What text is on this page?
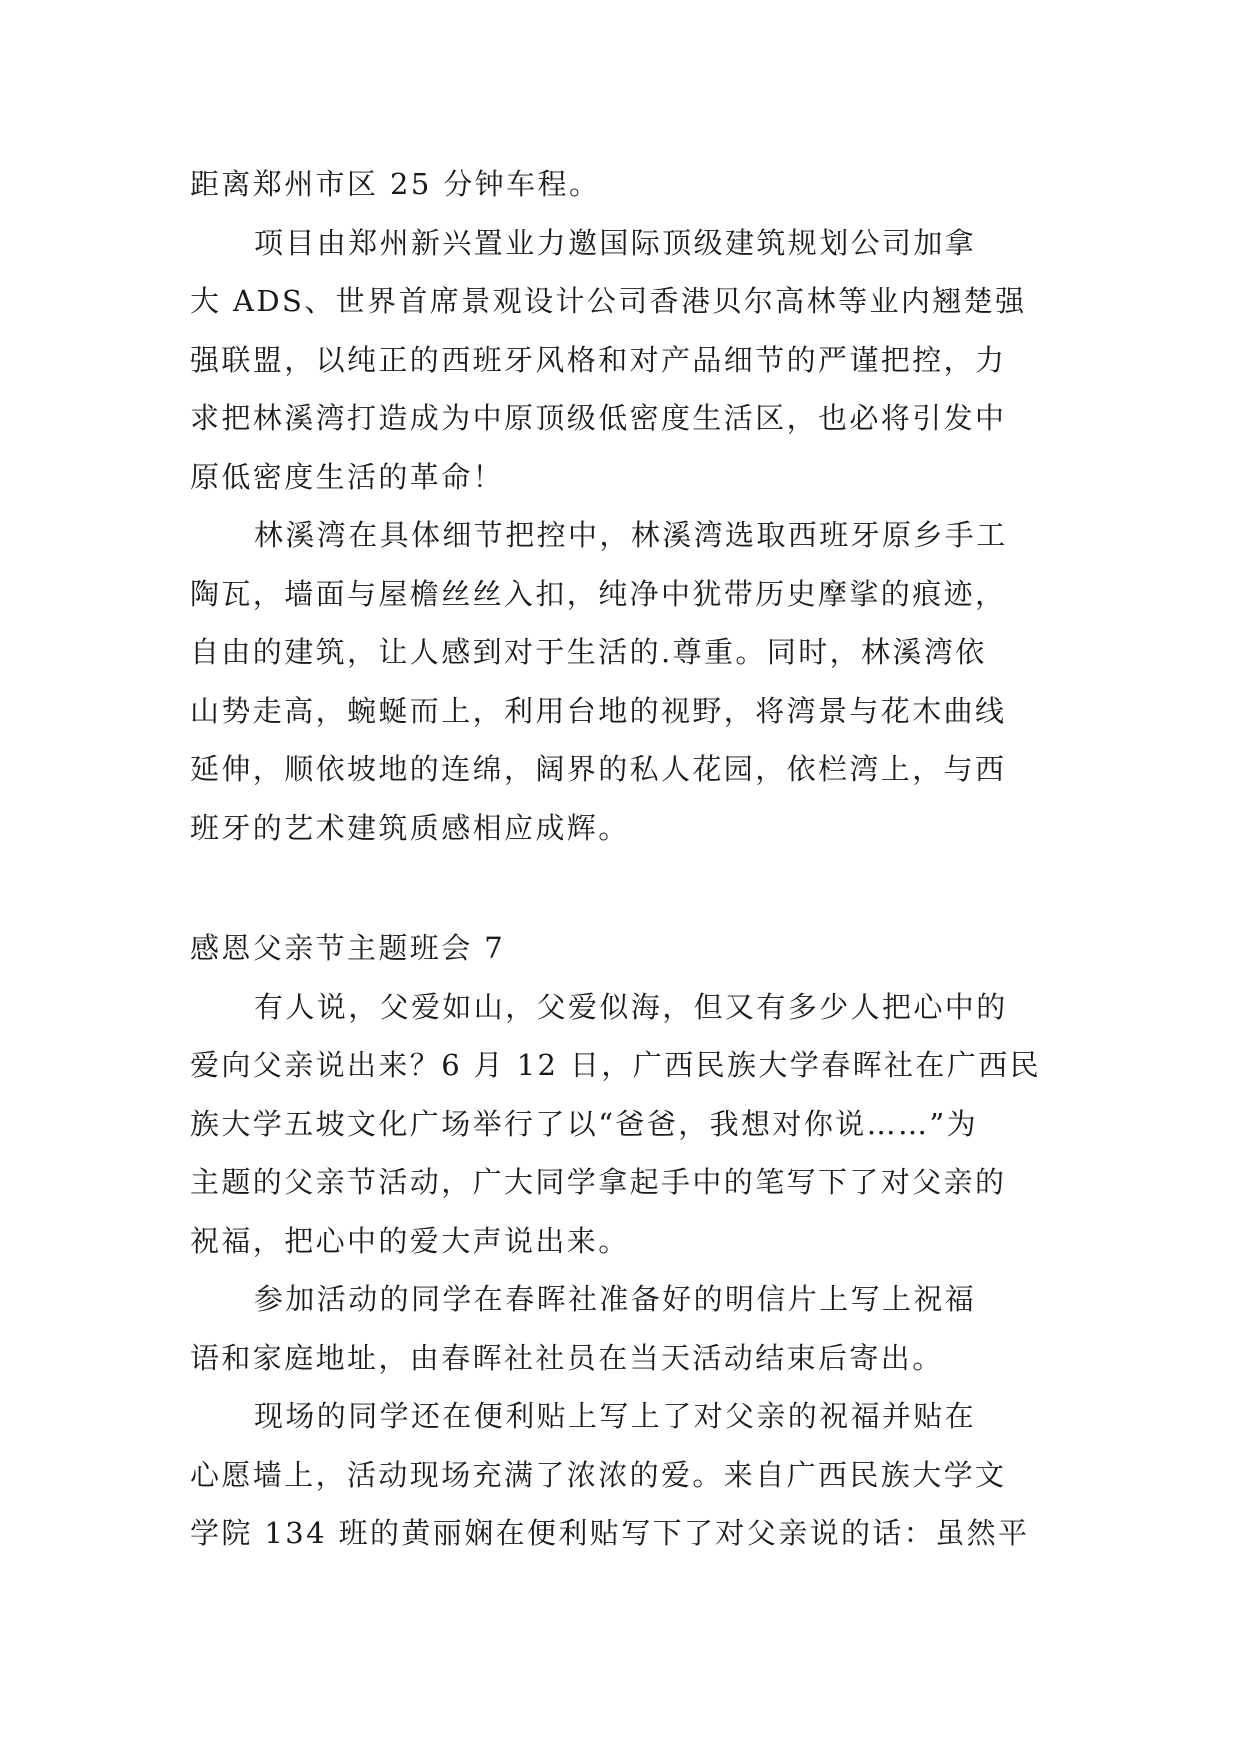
距离郑州市区 25 分钟车程。
项目由郑州新兴置业力邀国际顶级建筑规划公司加拿
大 ADS、世界首席景观设计公司香港贝尔高林等业内翘楚强
强联盟，以纯正的西班牙风格和对产品细节的严谨把控，力
求把林溪湾打造成为中原顶级低密度生活区，也必将引发中
原低密度生活的革命！
林溪湾在具体细节把控中，林溪湾选取西班牙原乡手工
陶瓦，墙面与屋檐丝丝入扣，纯净中犹带历史摩挲的痕迹，
自由的建筑，让人感到对于生活的.尊重。同时，林溪湾依
山势走高，蜿蜒而上，利用台地的视野，将湾景与花木曲线
延伸，顺依坡地的连绵，阔界的私人花园，依栏湾上，与西
班牙的艺术建筑质感相应成辉。
感恩父亲节主题班会 7
有人说，父爱如山，父爱似海，但又有多少人把心中的
爱向父亲说出来？6 月 12 日，广西民族大学春晖社在广西民
族大学五坡文化广场举行了以“爸爸，我想对你说……”为
主题的父亲节活动，广大同学拿起手中的笔写下了对父亲的
祝福，把心中的爱大声说出来。
参加活动的同学在春晖社准备好的明信片上写上祝福
语和家庭地址，由春晖社社员在当天活动结束后寄出。
现场的同学还在便利贴上写上了对父亲的祝福并贴在
心愿墙上，活动现场充满了浓浓的爱。来自广西民族大学文
学院 134 班的黄丽娴在便利贴写下了对父亲说的话：虽然平
